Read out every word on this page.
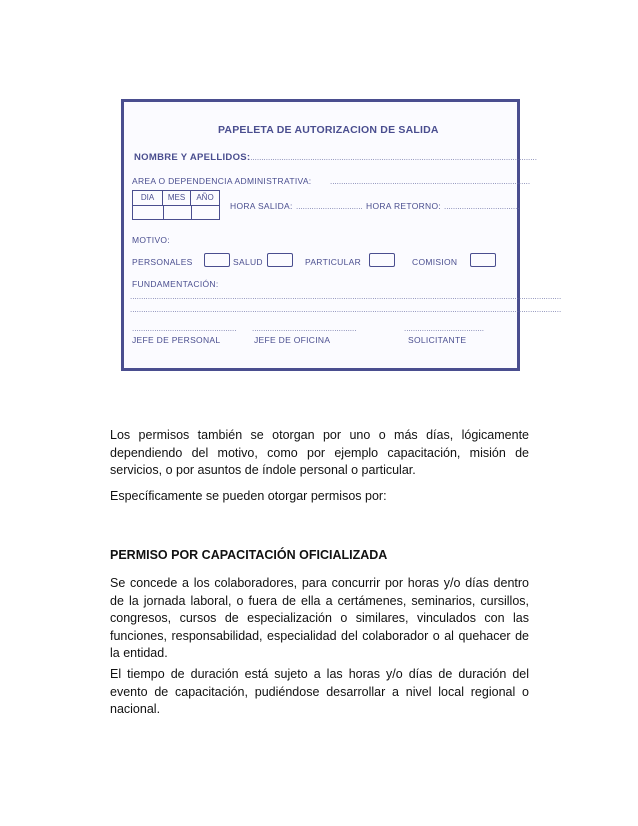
PAPELETA DE AUTORIZACION DE SALIDA
NOMBRE Y APELLIDOS:
..................................................................................................................................
AREA O DEPENDENCIA ADMINISTRATIVA: ..........................................................................................
DIA	MES	AÑO
HORA SALIDA: .............................. HORA RETORNO: ..................................
MOTIVO:
PERSONALES	SALUD	PARTICULAR	COMISION
FUNDAMENTACIÓN:
..................................................................................................................................................................................................
..................................................................................................................................................................................................
............................................... ...............................................	....................................
JEFE DE PERSONAL	JEFE DE OFICINA	SOLICITANTE

Los permisos también se otorgan por uno o más días, lógicamente dependiendo del motivo, como por ejemplo capacitación, misión de servicios, o por asuntos de índole personal o particular.

Específicamente se pueden otorgar permisos por:

PERMISO POR CAPACITACIÓN OFICIALIZADA

Se concede a los colaboradores, para concurrir por horas y/o días dentro de la jornada laboral, o fuera de ella a certámenes, seminarios, cursillos, congresos, cursos de especialización o similares, vinculados con las funciones, responsabilidad, especialidad del colaborador o al quehacer de la entidad.

El tiempo de duración está sujeto a las horas y/o días de duración del evento de capacitación, pudiéndose desarrollar a nivel local regional o nacional.
